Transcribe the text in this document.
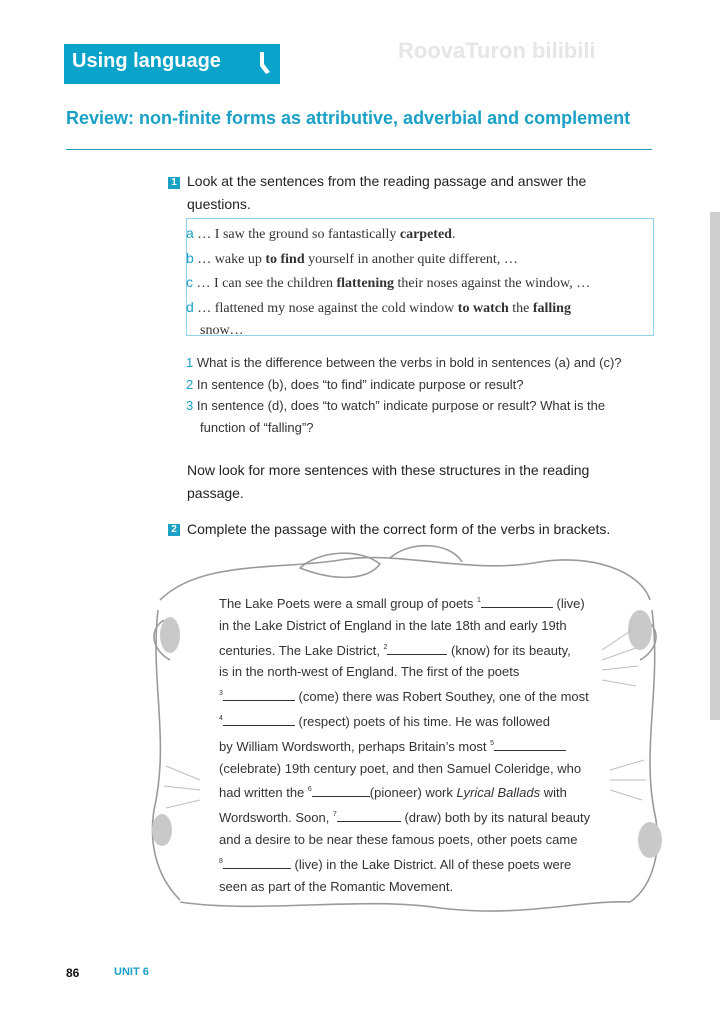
Using language	RoovaTuron bilibili
Review: non-finite forms as attributive, adverbial and complement
1 Look at the sentences from the reading passage and answer the
questions.
a … I saw the ground so fantastically carpeted.
b … wake up to find yourself in another quite different, …
c … I can see the children flattening their noses against the window, …
d … flattened my nose against the cold window to watch the falling
snow…
1 What is the difference between the verbs in bold in sentences (a) and (c)?
2 In sentence (b), does “to find” indicate purpose or result?
3 In sentence (d), does “to watch” indicate purpose or result? What is the
function of “falling”?
Now look for more sentences with these structures in the reading
passage.
2 Complete the passage with the correct form of the verbs in brackets.
The Lake Poets were a small group of poets $^1$	(live)
in the Lake District of England in the late 18th and early 19th
centuries. The Lake District, $^2$	(know) for its beauty,
is in the north-west of England. The first of the poets
$^3$	(come) there was Robert Southey, one of the most
$^4$	(respect) poets of his time. He was followed
by William Wordsworth, perhaps Britain’s most $^5$
(celebrate) 19th century poet, and then Samuel Coleridge, who
had written the $^6$	(pioneer) work Lyrical Ballads with
Wordsworth. Soon, $^7$	(draw) both by its natural beauty
and a desire to be near these famous poets, other poets came
$^8$	(live) in the Lake District. All of these poets were
seen as part of the Romantic Movement.
86	UNIT 6
